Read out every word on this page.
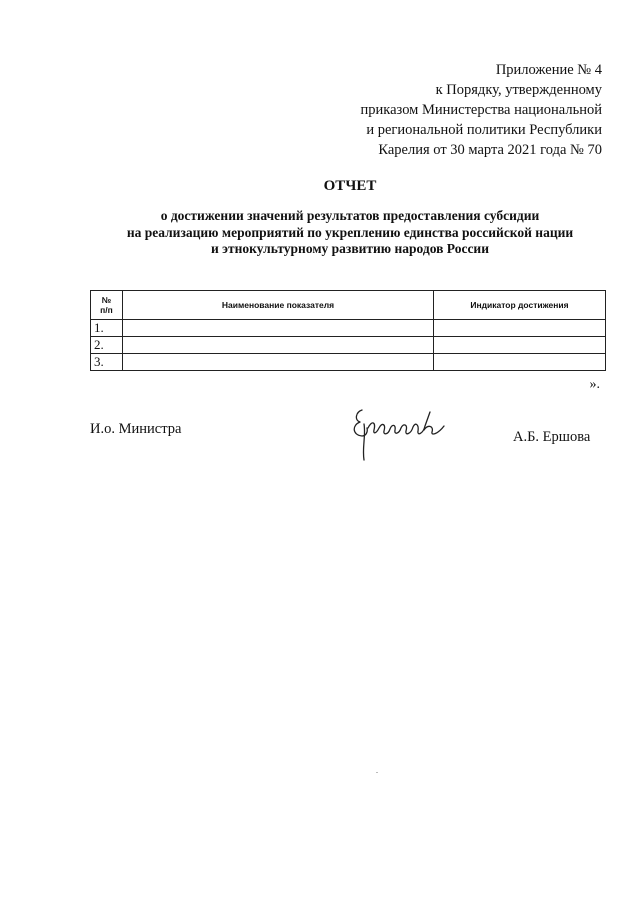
Приложение № 4
к Порядку, утвержденному
приказом Министерства национальной
и региональной политики Республики
Карелия от 30 марта 2021 года № 70
ОТЧЕТ
о достижении значений результатов предоставления субсидии
на реализацию мероприятий по укреплению единства российской нации
и этнокультурному развитию народов России
№
п/п	Наименование показателя	Индикатор достижения
1.		
2.		
3.		
».
И.о. Министра	А.Б. Ершова
